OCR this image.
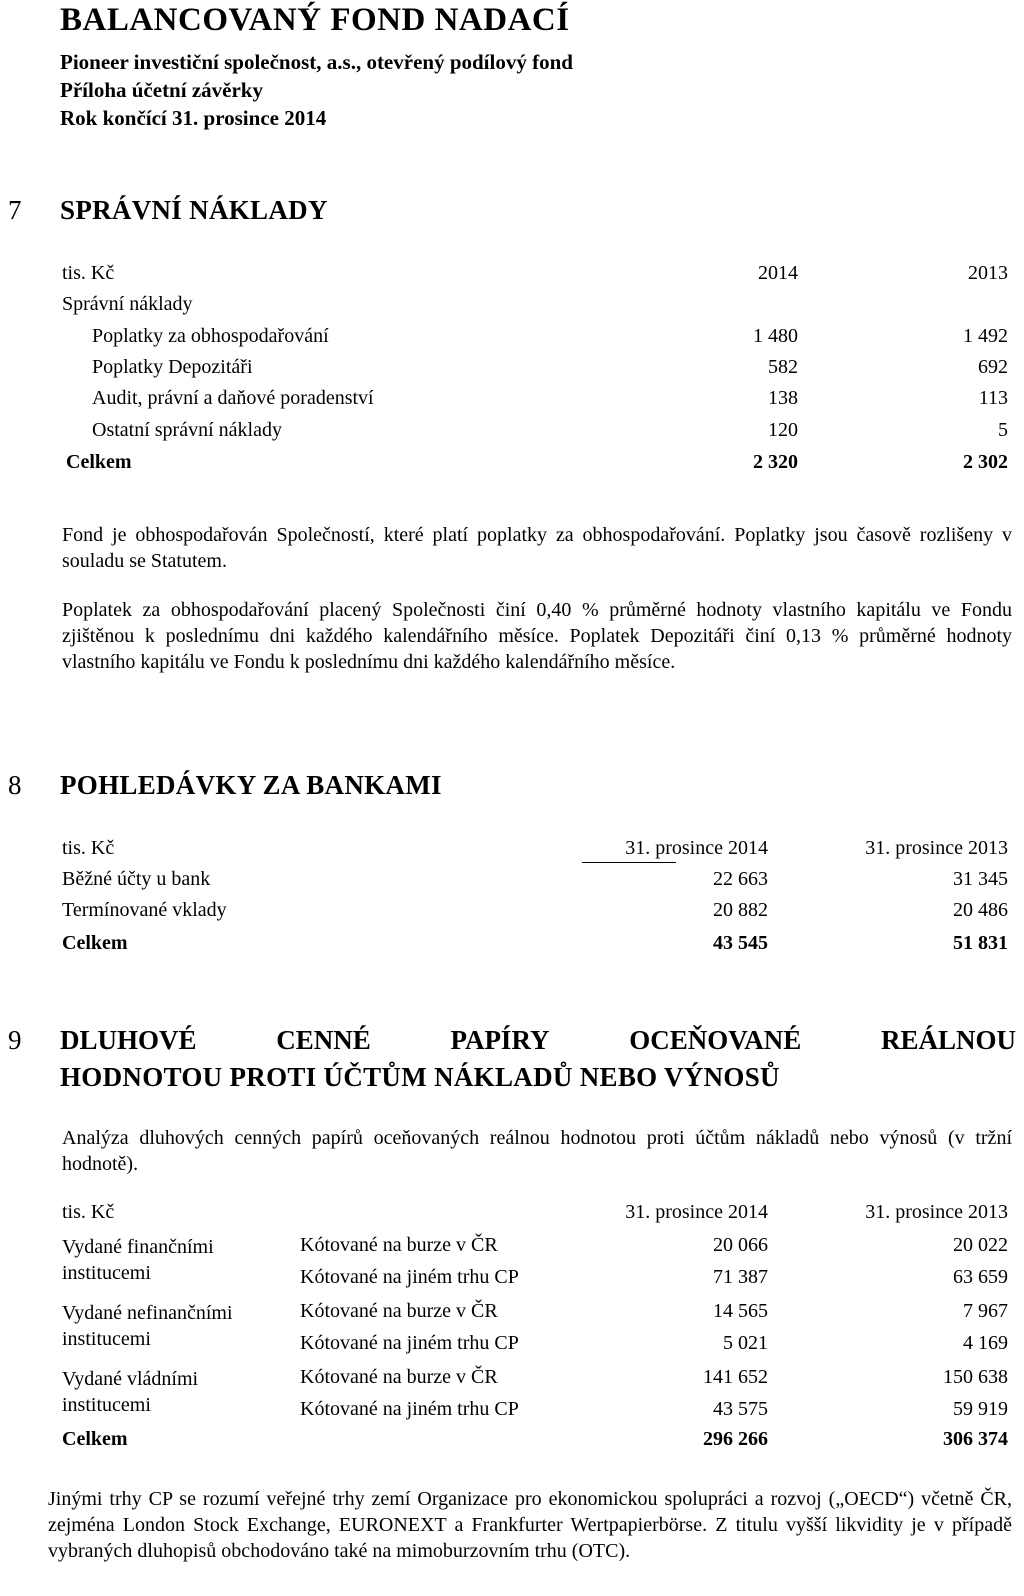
BALANCOVANÝ FOND NADACÍ
Pioneer investiční společnost, a.s., otevřený podílový fond
Příloha účetní závěrky
Rok končící 31. prosince 2014
7 SPRÁVNÍ NÁKLADY
tis. Kč	2014	2013
Správní náklady
Poplatky za obhospodařování	1 480	1 492
Poplatky Depozitáři	582	692
Audit, právní a daňové poradenství	138	113
Ostatní správní náklady	120	5
Celkem	2 320	2 302
Fond je obhospodařován Společností, které platí poplatky za obhospodařování. Poplatky jsou časově rozlišeny v souladu se Statutem.
Poplatek za obhospodařování placený Společnosti činí 0,40 % průměrné hodnoty vlastního kapitálu ve Fondu zjištěnou k poslednímu dni každého kalendářního měsíce. Poplatek Depozitáři činí 0,13 % průměrné hodnoty vlastního kapitálu ve Fondu k poslednímu dni každého kalendářního měsíce.
8 POHLEDÁVKY ZA BANKAMI
tis. Kč	31. prosince 2014	31. prosince 2013
Běžné účty u bank	22 663	31 345
Termínované vklady	20 882	20 486
Celkem	43 545	51 831
9 DLUHOVÉ	CENNÉ	PAPÍRY	OCEŇOVANÉ	REÁLNOU
HODNOTOU PROTI ÚČTŮM NÁKLADŮ NEBO VÝNOSŮ
Analýza dluhových cenných papírů oceňovaných reálnou hodnotou proti účtům nákladů nebo výnosů (v tržní hodnotě).
tis. Kč	31. prosince 2014	31. prosince 2013
Vydané finančními
institucemi
Kótované na burze v ČR	20 066	20 022
Kótované na jiném trhu CP	71 387	63 659
Vydané nefinančními
institucemi
Kótované na burze v ČR	14 565	7 967
Kótované na jiném trhu CP	5 021	4 169
Vydané vládními
institucemi
Kótované na burze v ČR	141 652	150 638
Kótované na jiném trhu CP	43 575	59 919
Celkem	296 266	306 374
Jinými trhy CP se rozumí veřejné trhy zemí Organizace pro ekonomickou spolupráci a rozvoj („OECD“) včetně ČR, zejména London Stock Exchange, EURONEXT a Frankfurter Wertpapierbörse. Z titulu vyšší likvidity je v případě vybraných dluhopisů obchodováno také na mimoburzovním trhu (OTC).
